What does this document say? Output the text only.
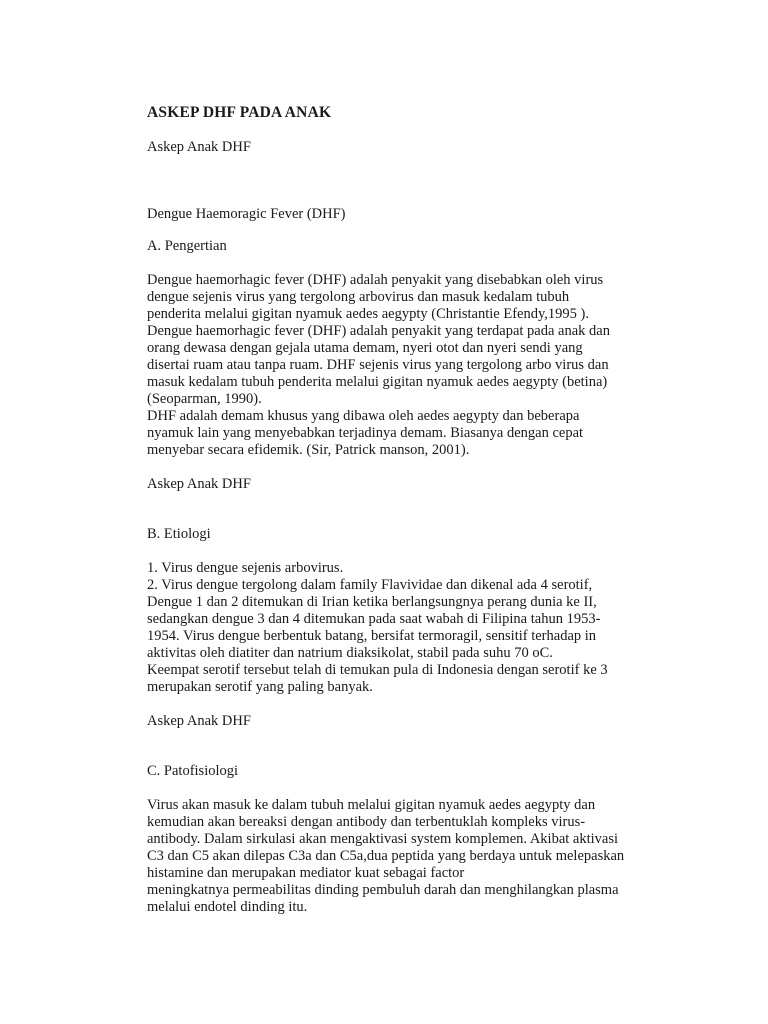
ASKEP DHF PADA ANAK

Askep Anak DHF

Dengue Haemoragic Fever (DHF)

A. Pengertian

Dengue haemorhagic fever (DHF) adalah penyakit yang disebabkan oleh virus

dengue sejenis virus yang tergolong arbovirus dan masuk kedalam tubuh

penderita melalui gigitan nyamuk aedes aegypty (Christantie Efendy,1995 ).

Dengue haemorhagic fever (DHF) adalah penyakit yang terdapat pada anak dan

orang dewasa dengan gejala utama demam, nyeri otot dan nyeri sendi yang

disertai ruam atau tanpa ruam. DHF sejenis virus yang tergolong arbo virus dan

masuk kedalam tubuh penderita melalui gigitan nyamuk aedes aegypty (betina)

(Seoparman, 1990).

DHF adalah demam khusus yang dibawa oleh aedes aegypty dan beberapa

nyamuk lain yang menyebabkan terjadinya demam. Biasanya dengan cepat

menyebar secara efidemik. (Sir, Patrick manson, 2001).

Askep Anak DHF

B. Etiologi

1. Virus dengue sejenis arbovirus.

2. Virus dengue tergolong dalam family Flavividae dan dikenal ada 4 serotif,

Dengue 1 dan 2 ditemukan di Irian ketika berlangsungnya perang dunia ke II,

sedangkan dengue 3 dan 4 ditemukan pada saat wabah di Filipina tahun 1953-

1954. Virus dengue berbentuk batang, bersifat termoragil, sensitif terhadap in

aktivitas oleh diatiter dan natrium diaksikolat, stabil pada suhu 70 oC.

Keempat serotif tersebut telah di temukan pula di Indonesia dengan serotif ke 3

merupakan serotif yang paling banyak.

Askep Anak DHF

C. Patofisiologi

Virus akan masuk ke dalam tubuh melalui gigitan nyamuk aedes aegypty dan

kemudian akan bereaksi dengan antibody dan terbentuklah kompleks virus-

antibody. Dalam sirkulasi akan mengaktivasi system komplemen. Akibat aktivasi

C3 dan C5 akan dilepas C3a dan C5a,dua peptida yang berdaya untuk melepaskan

histamine dan merupakan mediator kuat sebagai factor

meningkatnya permeabilitas dinding pembuluh darah dan menghilangkan plasma

melalui endotel dinding itu.
